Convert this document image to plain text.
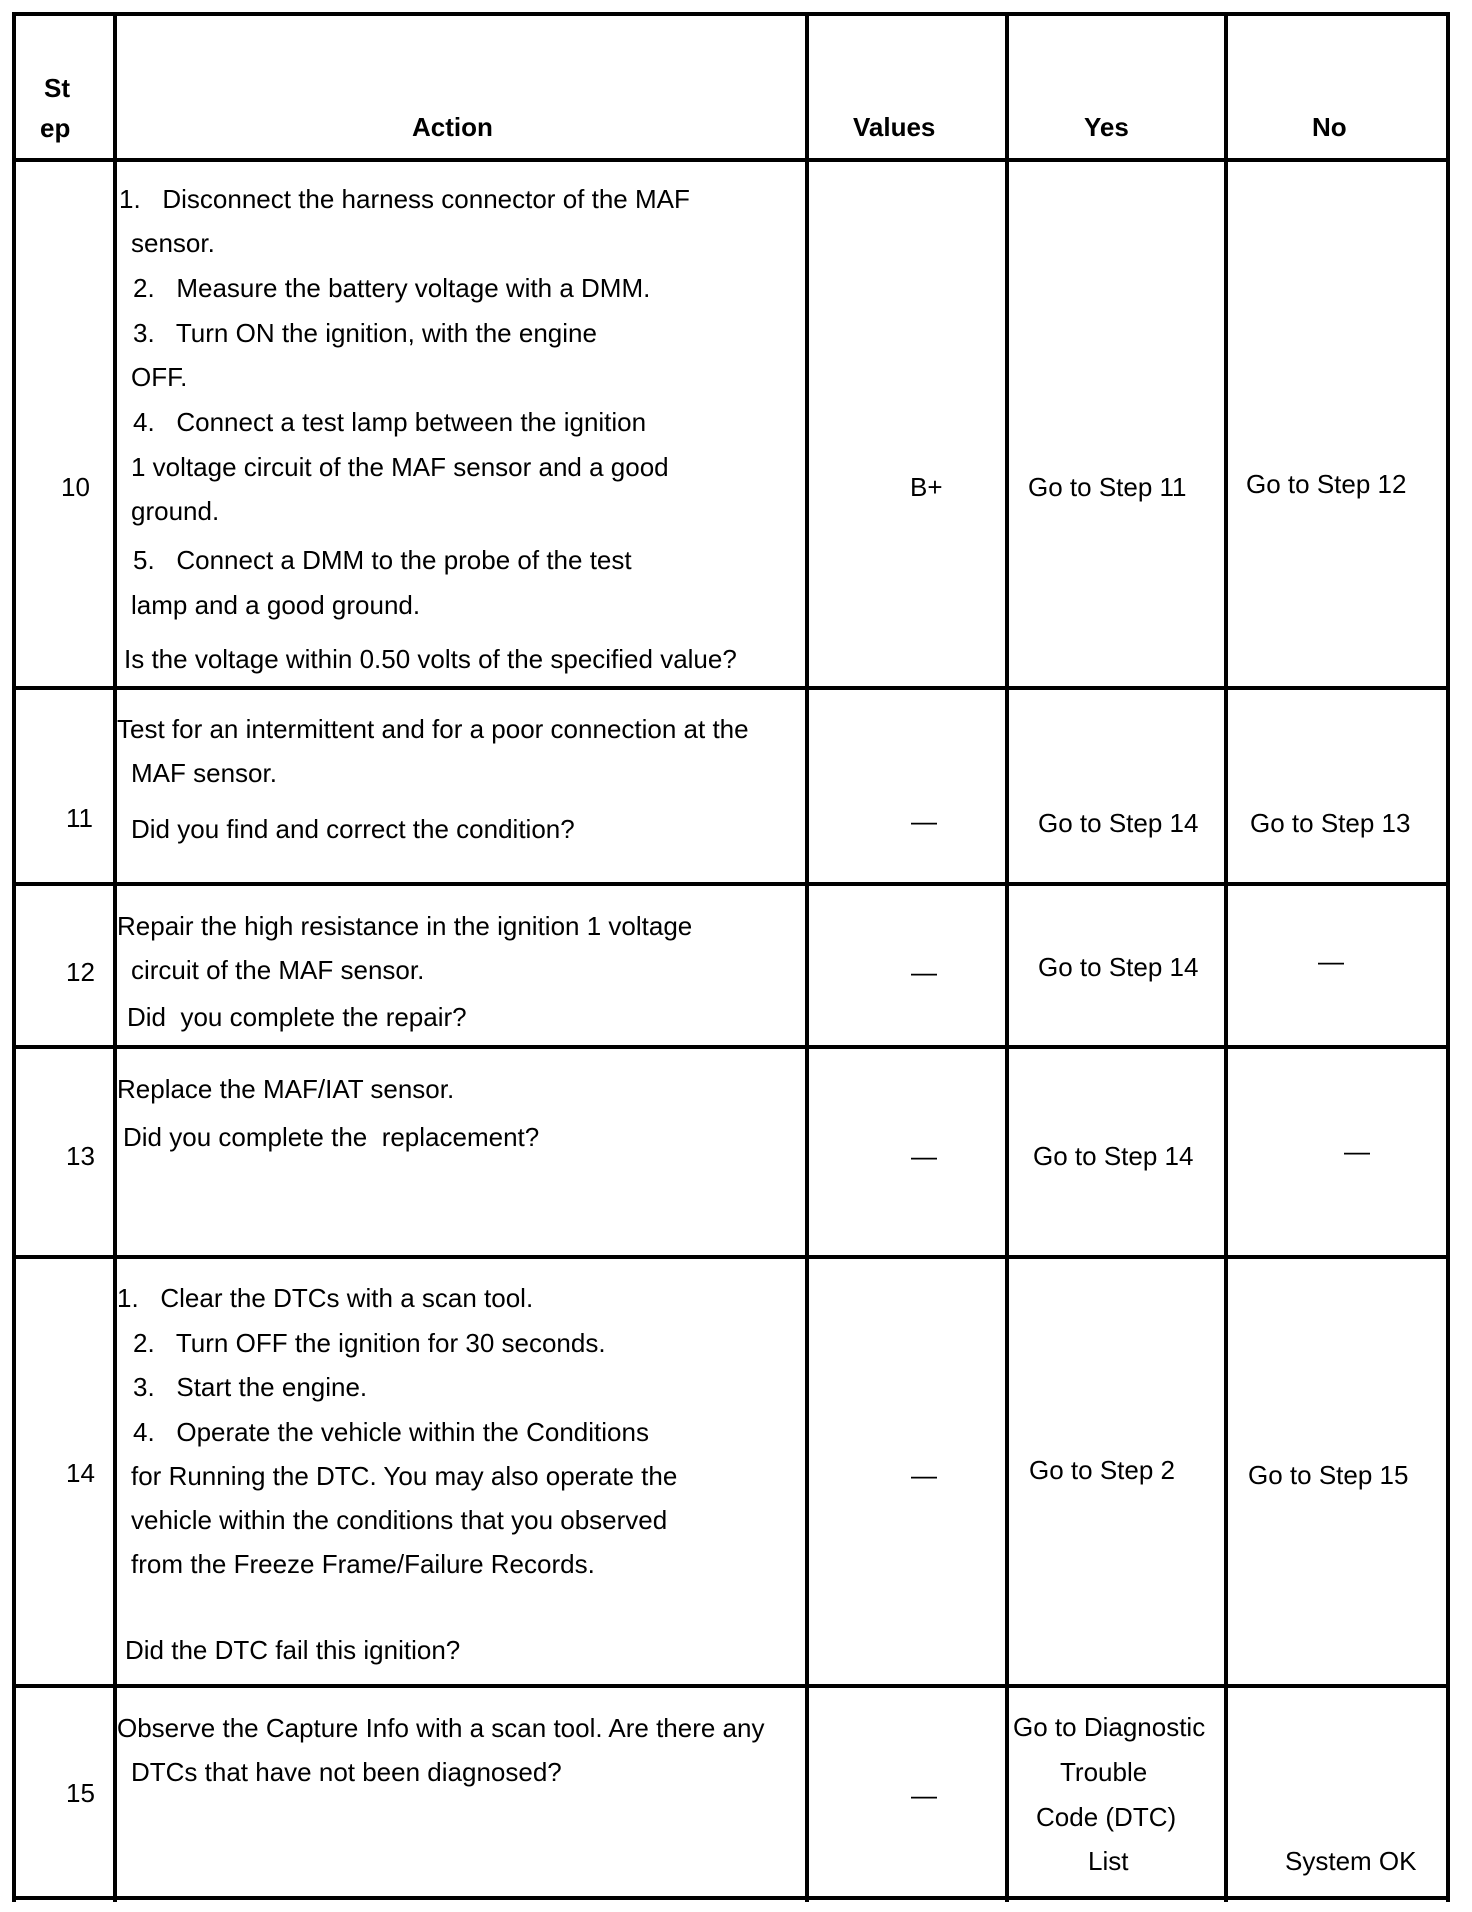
St
ep	Action	Values	Yes	No
10
1.   Disconnect the harness connector of the MAF
sensor.
2.   Measure the battery voltage with a DMM.
3.   Turn ON the ignition, with the engine
OFF.
4.   Connect a test lamp between the ignition
1 voltage circuit of the MAF sensor and a good
ground.
5.   Connect a DMM to the probe of the test
lamp and a good ground.
Is the voltage within 0.50 volts of the specified value?
B+	Go to Step 11 Go to Step 12
11
Test for an intermittent and for a poor connection at the
MAF sensor.
Did you find and correct the condition?	—	Go to Step 14 Go to Step 13
12
Repair the high resistance in the ignition 1 voltage
circuit of the MAF sensor.
Did  you complete the repair?
—	Go to Step 14	—
13
Replace the MAF/IAT sensor.
Did you complete the  replacement?
—	Go to Step 14	—
14
1.   Clear the DTCs with a scan tool.
2.   Turn OFF the ignition for 30 seconds.
3.   Start the engine.
4.   Operate the vehicle within the Conditions
for Running the DTC. You may also operate the
vehicle within the conditions that you observed
from the Freeze Frame/Failure Records.
Did the DTC fail this ignition?
—	Go to Step 2	Go to Step 15
15
Observe the Capture Info with a scan tool. Are there any
DTCs that have not been diagnosed?
—
Go to Diagnostic
Trouble
Code (DTC)
List	System OK
